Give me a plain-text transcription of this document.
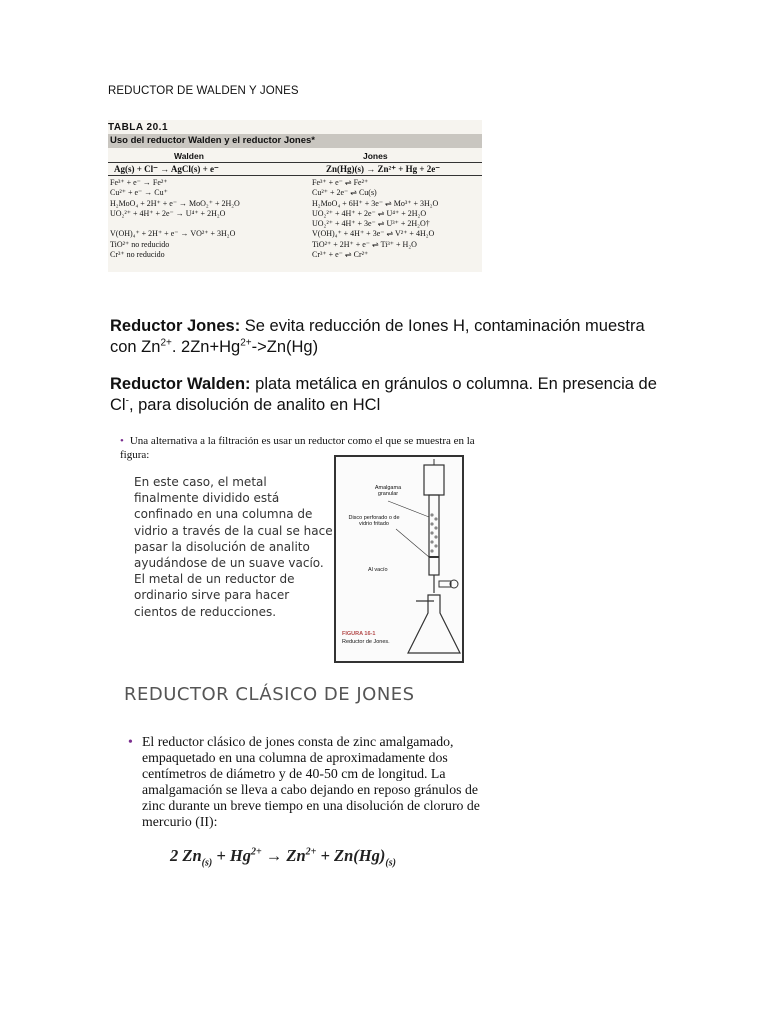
REDUCTOR DE WALDEN Y JONES
TABLA 20.1
Uso del reductor Walden y el reductor Jones*
Walden	Jones
Ag(s) + Cl⁻ → AgCl(s) + e⁻	Zn(Hg)(s) → Zn²⁺ + Hg + 2e⁻
Fe³⁺ + e⁻ → Fe²⁺
Cu²⁺ + e⁻ → Cu⁺
H₂MoO₄ + 2H⁺ + e⁻ → MoO₂⁺ + 2H₂O
UO₂²⁺ + 4H⁺ + 2e⁻ → U⁴⁺ + 2H₂O

V(OH)₄⁺ + 2H⁺ + e⁻ → VO²⁺ + 3H₂O
TiO²⁺ no reducido
Cr³⁺ no reducido
Fe³⁺ + e⁻ ⇌ Fe²⁺
Cu²⁺ + 2e⁻ ⇌ Cu(s)
H₂MoO₄ + 6H⁺ + 3e⁻ ⇌ Mo³⁺ + 3H₂O
UO₂²⁺ + 4H⁺ + 2e⁻ ⇌ U⁴⁺ + 2H₂O
UO₂²⁺ + 4H⁺ + 3e⁻ ⇌ U³⁺ + 2H₂O†
V(OH)₄⁺ + 4H⁺ + 3e⁻ ⇌ V²⁺ + 4H₂O
TiO²⁺ + 2H⁺ + e⁻ ⇌ Ti³⁺ + H₂O
Cr³⁺ + e⁻ ⇌ Cr²⁺
Reductor Jones: Se evita reducción de Iones H, contaminación muestra con $Zn^{2+}$. $2Zn+Hg^{2+}->Zn(Hg)$
Reductor Walden: plata metálica en gránulos o columna. En presencia de Cl-, para disolución de analito en HCl
• Una alternativa a la filtración es usar un reductor como el que se muestra en la figura:
En este caso, el metal finalmente dividido está confinado en una columna de vidrio a través de la cual se hace pasar la disolución de analito ayudándose de un suave vacío. El metal de un reductor de ordinario sirve para hacer cientos de reducciones.
Amalgama granular
Disco perforado o de vidrio fritado
Al vacío
FIGURA 16-1
Reductor de Jones.
REDUCTOR CLÁSICO DE JONES
• El reductor clásico de jones consta de zinc amalgamado, empaquetado en una columna de aproximadamente dos centímetros de diámetro y de 40-50 cm de longitud. La amalgamación se lleva a cabo dejando en reposo gránulos de zinc durante un breve tiempo en una disolución de cloruro de mercurio (II):
2 $Zn_{(s)} + Hg^{2+} \to Zn^{2+} + Zn(Hg)_{(s)}$
